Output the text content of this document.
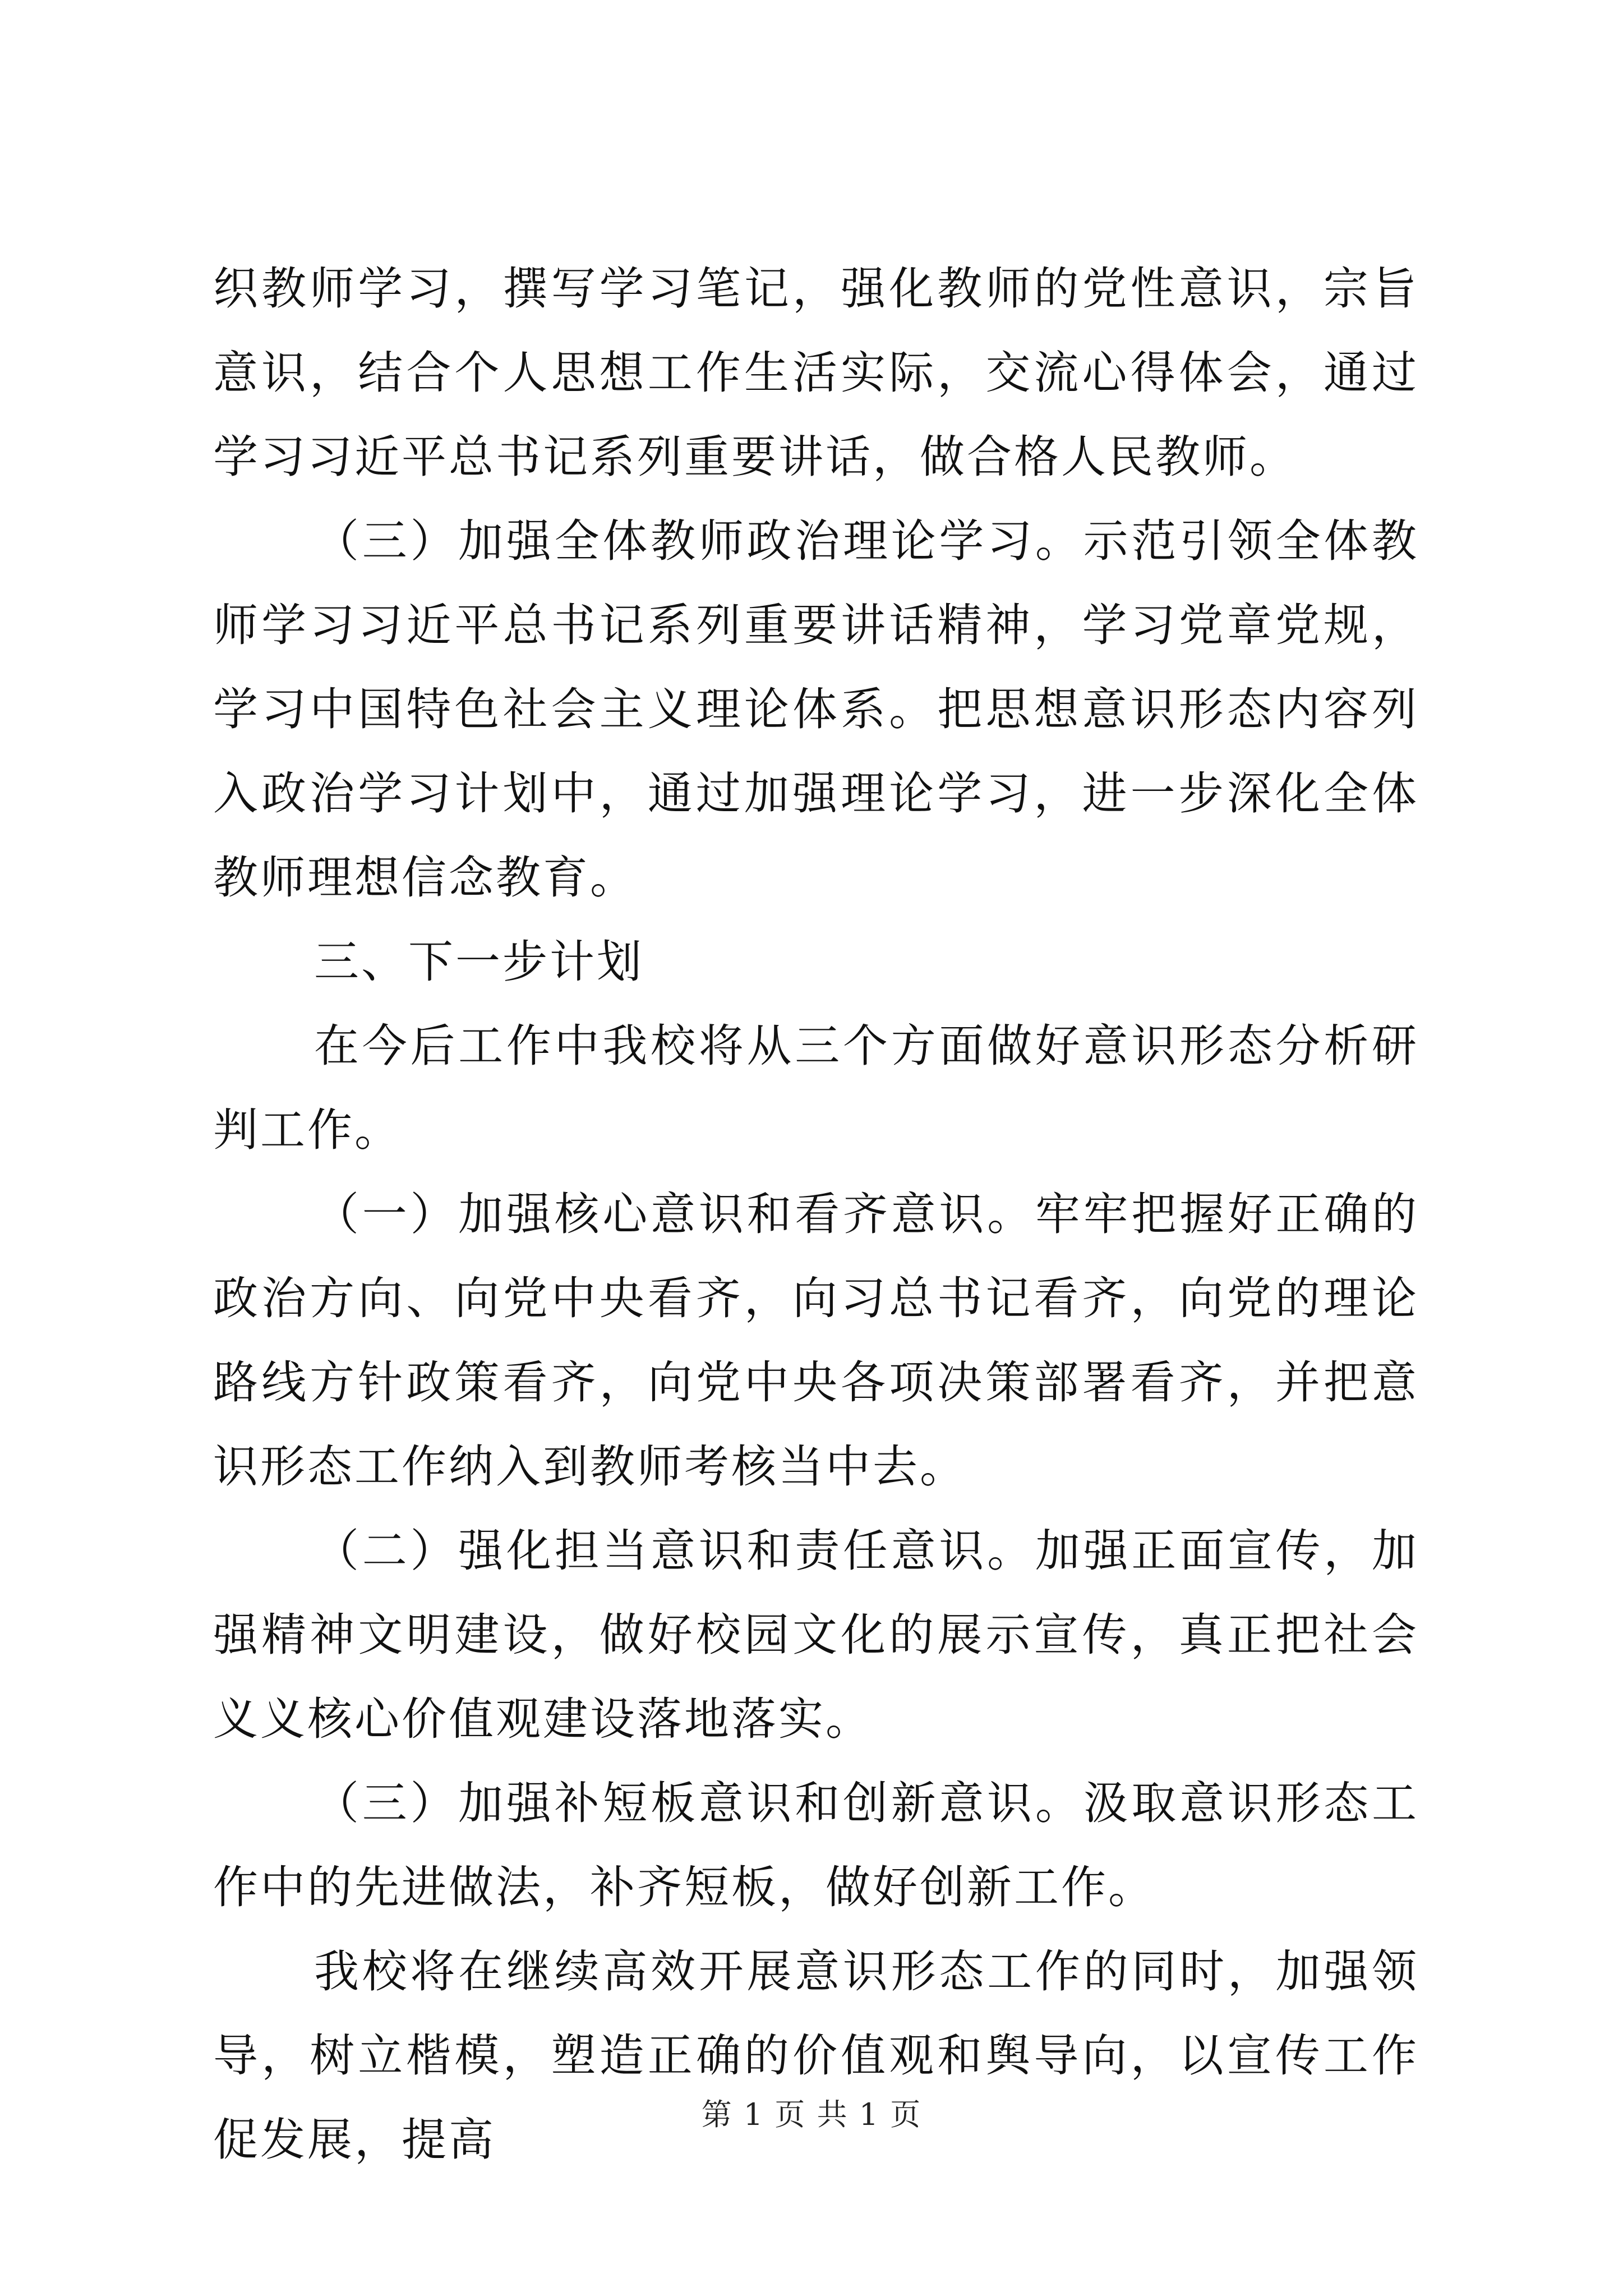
织教师学习，撰写学习笔记，强化教师的党性意识，宗旨意识，结合个人思想工作生活实际，交流心得体会，通过学习习近平总书记系列重要讲话，做合格人民教师。

（三）加强全体教师政治理论学习。示范引领全体教师学习习近平总书记系列重要讲话精神，学习党章党规，学习中国特色社会主义理论体系。把思想意识形态内容列入政治学习计划中，通过加强理论学习，进一步深化全体教师理想信念教育。

三、下一步计划

在今后工作中我校将从三个方面做好意识形态分析研判工作。

（一）加强核心意识和看齐意识。牢牢把握好正确的政治方向、向党中央看齐，向习总书记看齐，向党的理论路线方针政策看齐，向党中央各项决策部署看齐，并把意识形态工作纳入到教师考核当中去。

（二）强化担当意识和责任意识。加强正面宣传，加强精神文明建设，做好校园文化的展示宣传，真正把社会义义核心价值观建设落地落实。

（三）加强补短板意识和创新意识。汲取意识形态工作中的先进做法，补齐短板，做好创新工作。

我校将在继续高效开展意识形态工作的同时，加强领导，树立楷模，塑造正确的价值观和舆导向，以宣传工作促发展，提高	第 1 页 共 1 页
